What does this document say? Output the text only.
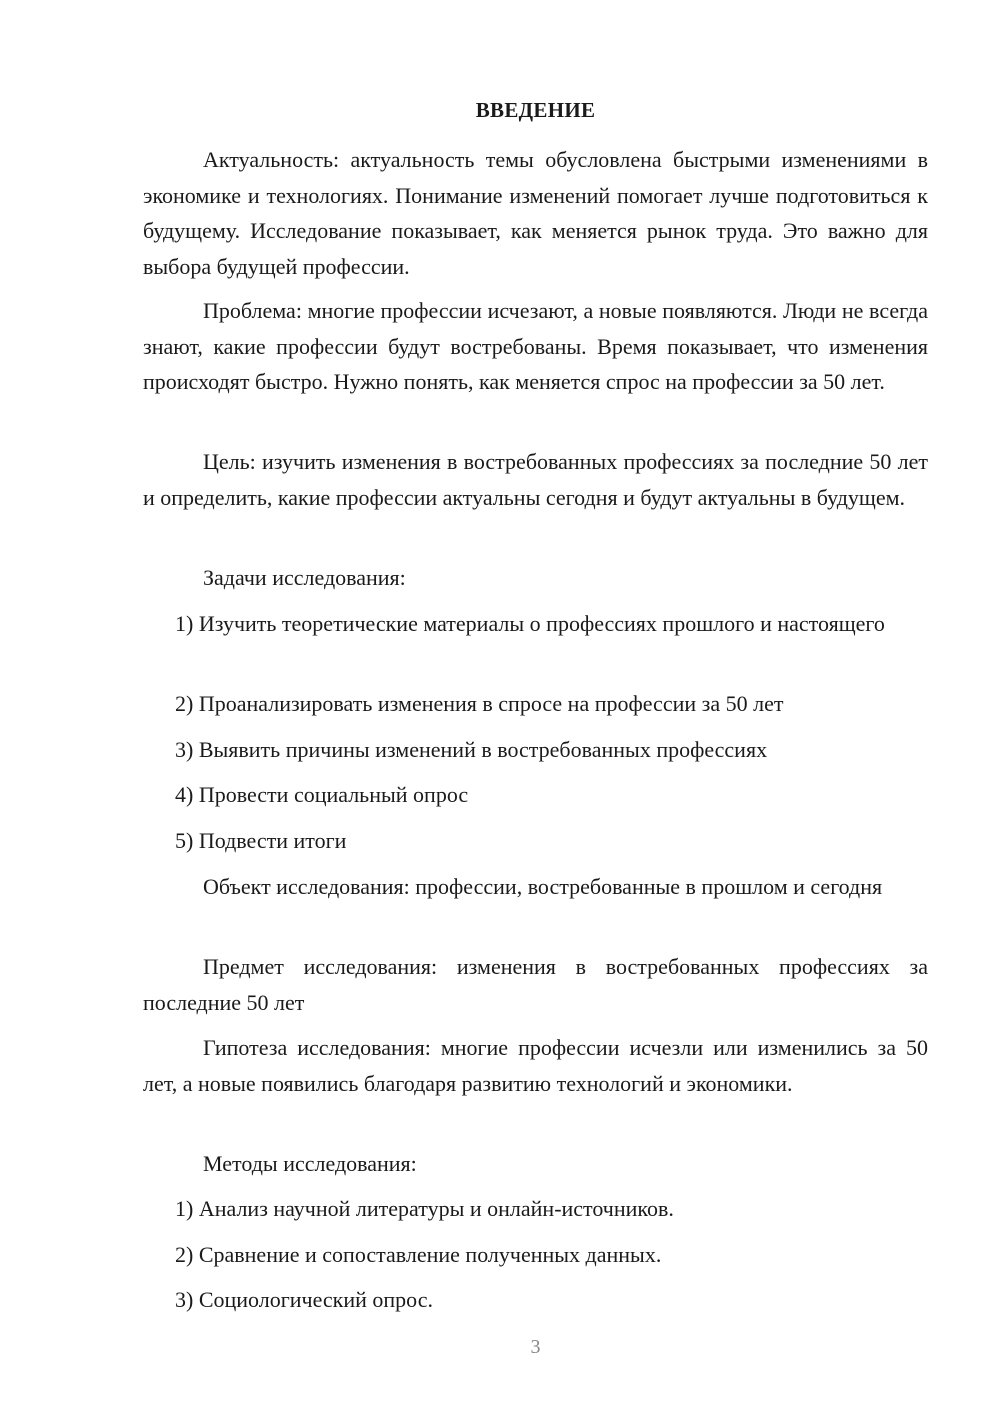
ВВЕДЕНИЕ

Актуальность: актуальность темы обусловлена быстрыми изменениями в экономике и технологиях. Понимание изменений помогает лучше подготовиться к будущему. Исследование показывает, как меняется рынок труда. Это важно для выбора будущей профессии.

Проблема: многие профессии исчезают, а новые появляются. Люди не всегда знают, какие профессии будут востребованы. Время показывает, что изменения происходят быстро. Нужно понять, как меняется спрос на профессии за 50 лет.

Цель: изучить изменения в востребованных профессиях за последние 50 лет и определить, какие профессии актуальны сегодня и будут актуальны в будущем.

Задачи исследования:

1) Изучить теоретические материалы о профессиях прошлого и настоящего

2) Проанализировать изменения в спросе на профессии за 50 лет

3) Выявить причины изменений в востребованных профессиях

4) Провести социальный опрос

5) Подвести итоги

Объект исследования: профессии, востребованные в прошлом и сегодня

Предмет исследования: изменения в востребованных профессиях за последние 50 лет

Гипотеза исследования: многие профессии исчезли или изменились за 50 лет, а новые появились благодаря развитию технологий и экономики.

Методы исследования:

1) Анализ научной литературы и онлайн-источников.

2) Сравнение и сопоставление полученных данных.

3) Социологический опрос.

3
